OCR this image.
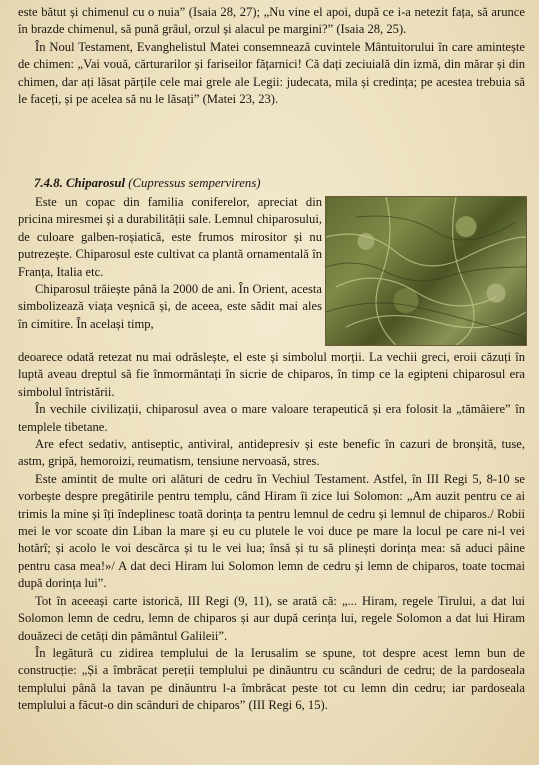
este bătut și chimenul cu o nuia” (Isaia 28, 27); „Nu vine el apoi, după ce i-a netezit fața, să arunce în brazde chimenul, să pună grâul, orzul și alacul pe margini?” (Isaia 28, 25).

În Noul Testament, Evanghelistul Matei consemnează cuvintele Mântuitorului în care amintește de chimen: „Vai vouă, cărturarilor și fariseilor fățarnici! Că dați zeciuială din izmă, din mărar și din chimen, dar ați lăsat părțile cele mai grele ale Legii: judecata, mila și credința; pe acestea trebuia să le faceți, și pe acelea să nu le lăsați” (Matei 23, 23).

7.4.8. Chiparosul (Cupressus sempervirens)

Este un copac din familia coniferelor, apreciat din pricina miresmei și a durabilității sale. Lemnul chiparosului, de culoare galben-roșiatică, este frumos mirositor și nu putrezește. Chiparosul este cultivat ca plantă ornamentală în Franța, Italia etc.

Chiparosul trăiește până la 2000 de ani. În Orient, acesta simbolizează viața veșnică și, de aceea, este sădit mai ales în cimitire. În același timp,

deoarece odată retezat nu mai odrăslește, el este și simbolul morții. La vechii greci, eroii căzuți în luptă aveau dreptul să fie înmormântați în sicrie de chiparos, în timp ce la egipteni chiparosul era simbolul întristării.

În vechile civilizații, chiparosul avea o mare valoare terapeutică și era folosit la „tămâiere” în templele tibetane.

Are efect sedativ, antiseptic, antiviral, antidepresiv și este benefic în cazuri de bronșită, tuse, astm, gripă, hemoroizi, reumatism, tensiune nervoasă, stres.

Este amintit de multe ori alături de cedru în Vechiul Testament. Astfel, în III Regi 5, 8-10 se vorbește despre pregătirile pentru templu, când Hiram îi zice lui Solomon: „Am auzit pentru ce ai trimis la mine și îți îndeplinesc toată dorința ta pentru lemnul de cedru și lemnul de chiparos./ Robii mei le vor scoate din Liban la mare și eu cu plutele le voi duce pe mare la locul pe care ni-l vei hotărî; și acolo le voi descărca și tu le vei lua; însă și tu să plinești dorința mea: să aduci pâine pentru casa mea!»/ A dat deci Hiram lui Solomon lemn de cedru și lemn de chiparos, toate tocmai după dorința lui”.

Tot în aceeași carte istorică, III Regi (9, 11), se arată că: „... Hiram, regele Tirului, a dat lui Solomon lemn de cedru, lemn de chiparos și aur după cerința lui, regele Solomon a dat lui Hiram douăzeci de cetăți din pământul Galileii”.

În legătură cu zidirea templului de la Ierusalim se spune, tot despre acest lemn bun de construcție: „Și a îmbrăcat pereții templului pe dinăuntru cu scânduri de cedru; de la pardoseala templului până la tavan pe dinăuntru l-a îmbrăcat peste tot cu lemn din cedru; iar pardoseala templului a făcut-o din scânduri de chiparos” (III Regi 6, 15).
